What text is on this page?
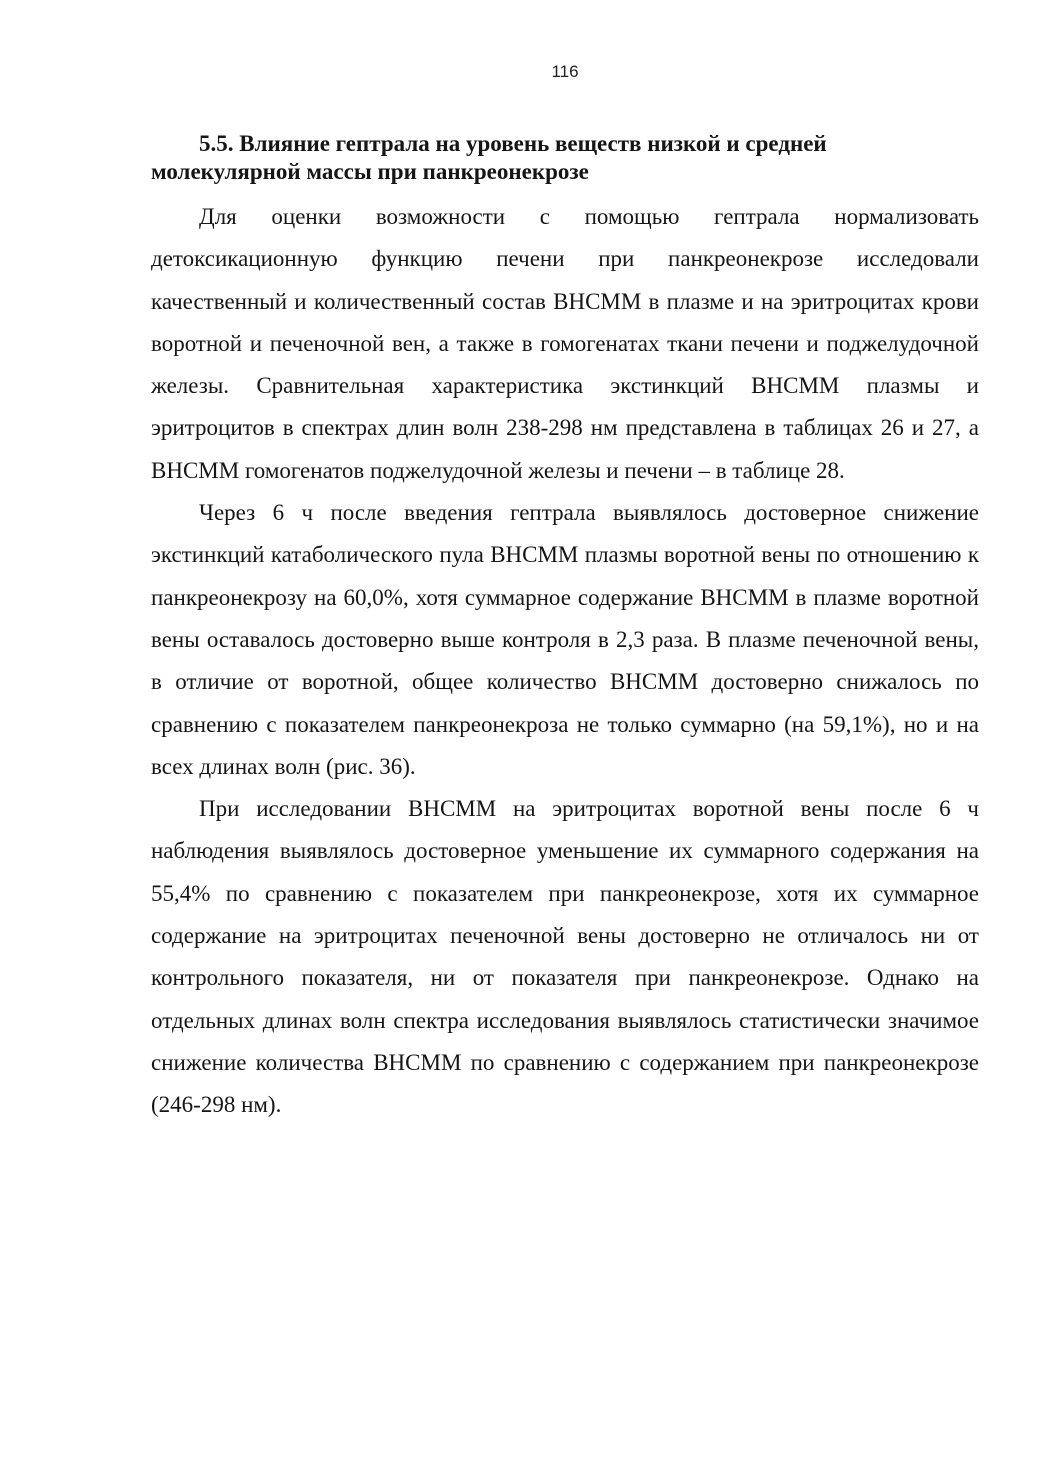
116

5.5. Влияние гептрала на уровень веществ низкой и средней молекулярной массы при панкреонекрозе

Для оценки возможности с помощью гептрала нормализовать детоксикационную функцию печени при панкреонекрозе исследовали качественный и количественный состав ВНСММ в плазме и на эритроцитах крови воротной и печеночной вен, а также в гомогенатах ткани печени и поджелудочной железы. Сравнительная характеристика экстинкций ВНСММ плазмы и эритроцитов в спектрах длин волн 238-298 нм представлена в таблицах 26 и 27, а ВНСММ гомогенатов поджелудочной железы и печени – в таблице 28.

Через 6 ч после введения гептрала выявлялось достоверное снижение экстинкций катаболического пула ВНСММ плазмы воротной вены по отношению к панкреонекрозу на 60,0%, хотя суммарное содержание ВНСММ в плазме воротной вены оставалось достоверно выше контроля в 2,3 раза. В плазме печеночной вены, в отличие от воротной, общее количество ВНСММ достоверно снижалось по сравнению с показателем панкреонекроза не только суммарно (на 59,1%), но и на всех длинах волн (рис. 36).

При исследовании ВНСММ на эритроцитах воротной вены после 6 ч наблюдения выявлялось достоверное уменьшение их суммарного содержания на 55,4% по сравнению с показателем при панкреонекрозе, хотя их суммарное содержание на эритроцитах печеночной вены достоверно не отличалось ни от контрольного показателя, ни от показателя при панкреонекрозе. Однако на отдельных длинах волн спектра исследования выявлялось статистически значимое снижение количества ВНСММ по сравнению с содержанием при панкреонекрозе (246-298 нм).
